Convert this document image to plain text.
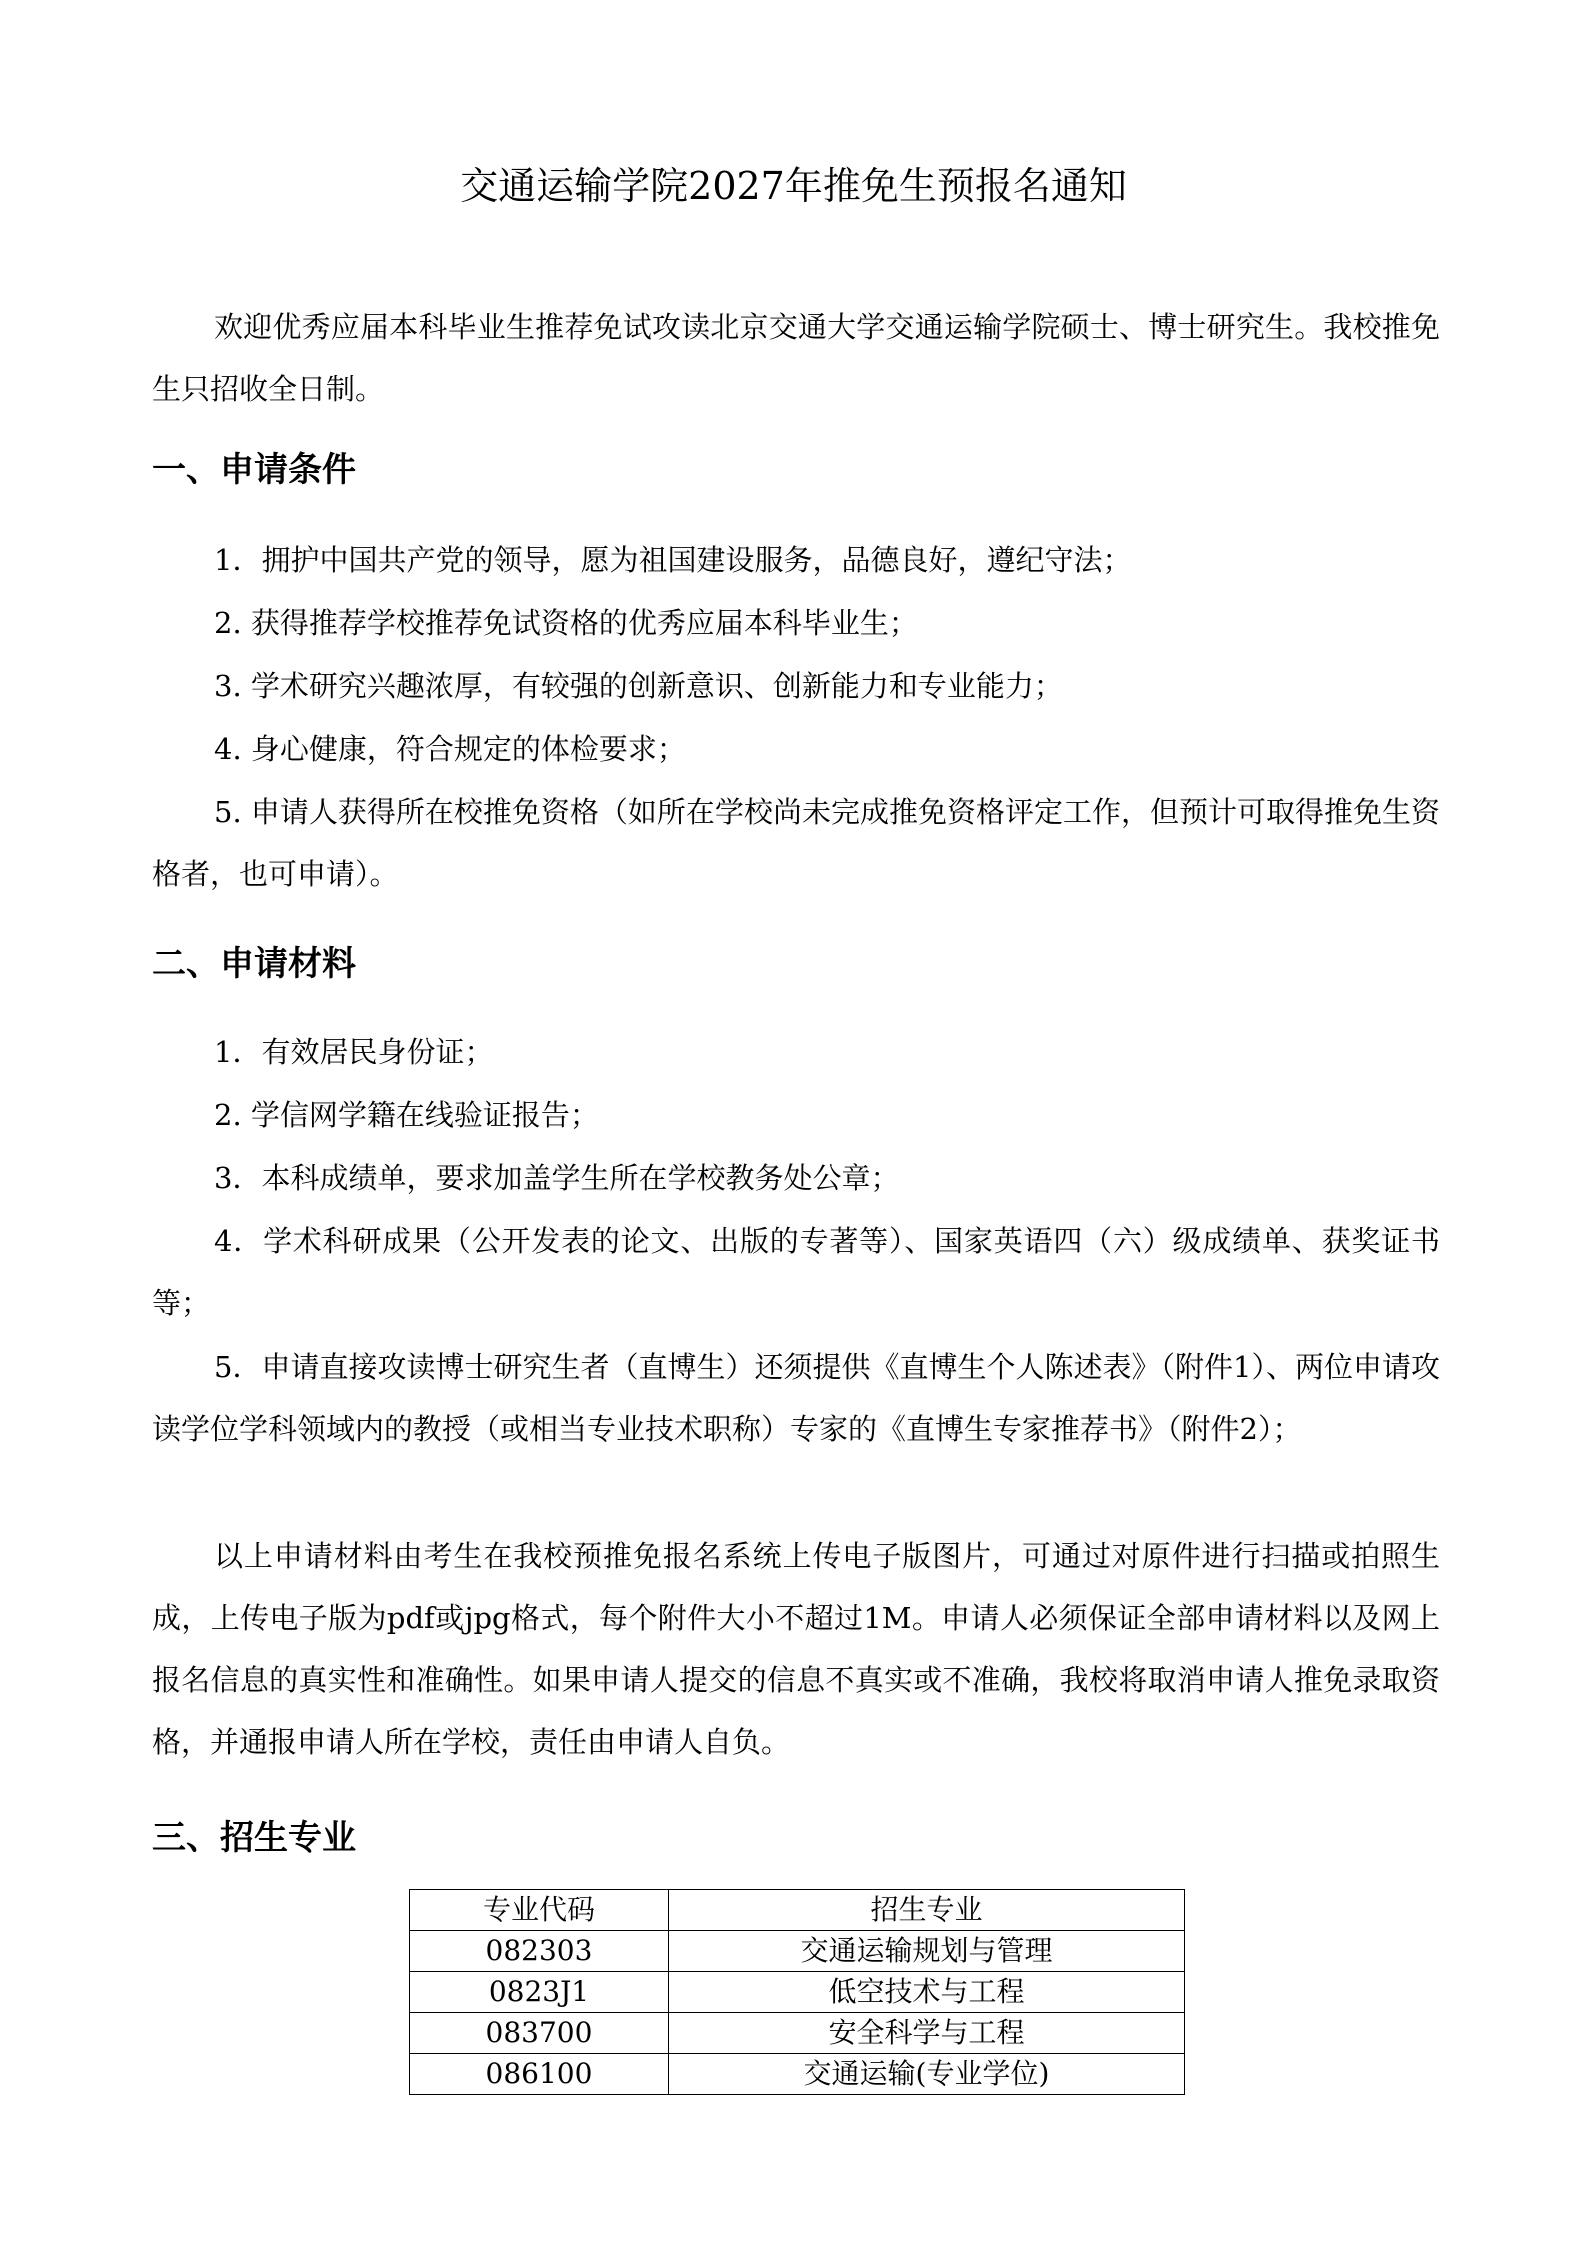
交通运输学院2027年推免生预报名通知

欢迎优秀应届本科毕业生推荐免试攻读北京交通大学交通运输学院硕士、博士研究生。我校推免生只招收全日制。

一、申请条件

1．拥护中国共产党的领导，愿为祖国建设服务，品德良好，遵纪守法；

2. 获得推荐学校推荐免试资格的优秀应届本科毕业生；

3. 学术研究兴趣浓厚，有较强的创新意识、创新能力和专业能力；

4. 身心健康，符合规定的体检要求；

5. 申请人获得所在校推免资格（如所在学校尚未完成推免资格评定工作，但预计可取得推免生资格者，也可申请）。

二、申请材料

1．有效居民身份证；

2. 学信网学籍在线验证报告；

3．本科成绩单，要求加盖学生所在学校教务处公章；

4．学术科研成果（公开发表的论文、出版的专著等）、国家英语四（六）级成绩单、获奖证书等；

5．申请直接攻读博士研究生者（直博生）还须提供《直博生个人陈述表》（附件1）、两位申请攻读学位学科领域内的教授（或相当专业技术职称）专家的《直博生专家推荐书》（附件2）；

以上申请材料由考生在我校预推免报名系统上传电子版图片，可通过对原件进行扫描或拍照生成，上传电子版为pdf或jpg格式，每个附件大小不超过1M。申请人必须保证全部申请材料以及网上报名信息的真实性和准确性。如果申请人提交的信息不真实或不准确，我校将取消申请人推免录取资格，并通报申请人所在学校，责任由申请人自负。

三、招生专业
专业代码	招生专业
082303	交通运输规划与管理
0823J1	低空技术与工程
083700	安全科学与工程
086100	交通运输(专业学位)
